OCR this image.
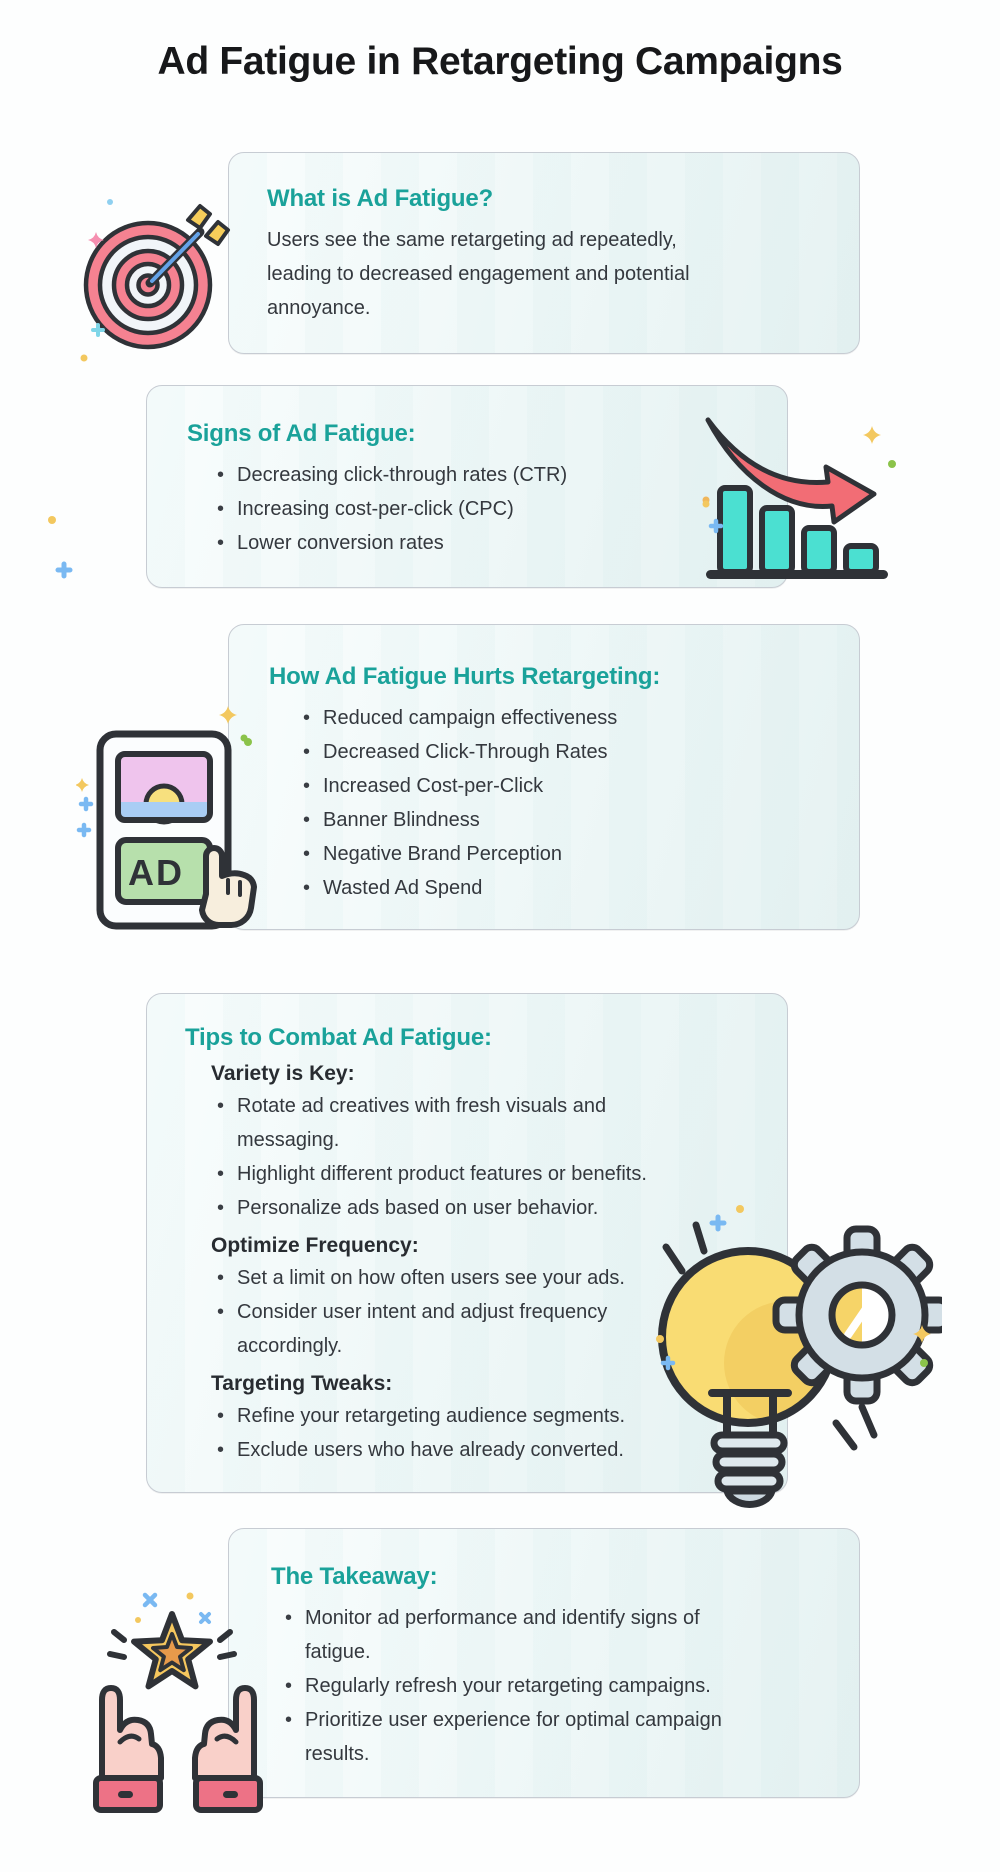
Ad Fatigue in Retargeting Campaigns
What is Ad Fatigue?

Users see the same retargeting ad repeatedly, leading to decreased engagement and potential annoyance.

Signs of Ad Fatigue:
• Decreasing click-through rates (CTR)
• Increasing cost-per-click (CPC)
• Lower conversion rates
How Ad Fatigue Hurts Retargeting:
• Reduced campaign effectiveness
• Decreased Click-Through Rates
• Increased Cost-per-Click
• Banner Blindness
• Negative Brand Perception
• Wasted Ad Spend
Tips to Combat Ad Fatigue:
Variety is Key:
• Rotate ad creatives with fresh visuals and messaging.
• Highlight different product features or benefits.
• Personalize ads based on user behavior.
Optimize Frequency:
• Set a limit on how often users see your ads.
• Consider user intent and adjust frequency accordingly.
Targeting Tweaks:
• Refine your retargeting audience segments.
• Exclude users who have already converted.
The Takeaway:
• Monitor ad performance and identify signs of fatigue.
• Regularly refresh your retargeting campaigns.
• Prioritize user experience for optimal campaign results.
AD
